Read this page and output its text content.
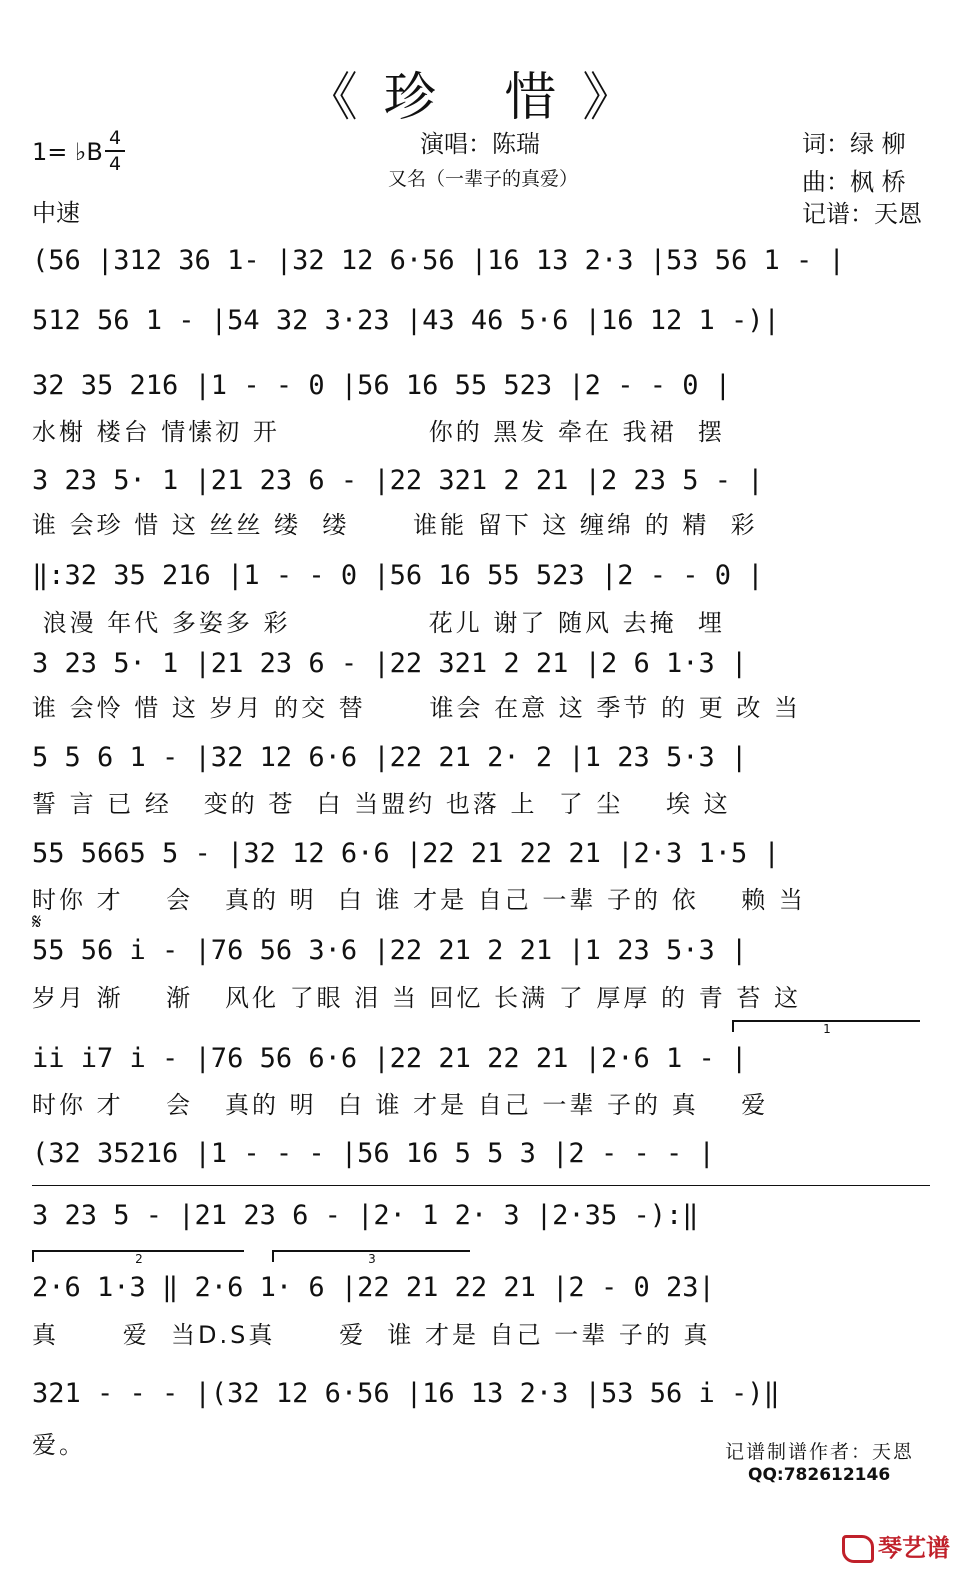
《珍 惜》
1= ♭B 4
4
中速
演唱：陈瑞
又名（一辈子的真爱）
词：绿 柳
曲：枫 桥
记谱：天恩
(56 |312 36 1- |32 12 6·56 |16 13 2·3 |53 56 1 - |
512 56 1 - |54 32 3·23 |43 46 5·6 |16 12 1 -)|
32 35 216 |1 - - 0 |56 16 55 523 |2 - - 0 |
水榭 楼台 情愫初 开              你的 黑发 牵在 我裙  摆
3 23 5· 1 |21 23 6 - |22 321 2 21 |2 23 5 - |
谁 会珍 惜 这 丝丝 缕  缕      谁能 留下 这 缠绵 的 精  彩
‖:32 35 216 |1 - - 0 |56 16 55 523 |2 - - 0 |
浪漫 年代 多姿多 彩             花儿 谢了 随风 去掩  埋
3 23 5· 1 |21 23 6 - |22 321 2 21 |2 6 1·3 |
谁 会怜 惜 这 岁月 的交 替      谁会 在意 这 季节 的 更 改 当
5 5 6 1 - |32 12 6·6 |22 21 2· 2 |1 23 5·3 |
誓 言 已 经   变的 苍  白 当盟约 也落 上  了 尘    埃 这
55 5665 5 - |32 12 6·6 |22 21 22 21 |2·3 1·5 |
时你 才    会   真的 明  白 谁 才是 自己 一辈 子的 依    赖 当
𝄋
55 56 i - |76 56 3·6 |22 21 2 21 |1 23 5·3 |
岁月 渐    渐   风化 了眼 泪 当 回忆 长满 了 厚厚 的 青 苔 这
1
ii i7 i - |76 56 6·6 |22 21 22 21 |2·6 1 - |
时你 才    会   真的 明  白 谁 才是 自己 一辈 子的 真    爱
(32 35216 |1 - - - |56 16 5 5 3 |2 - - - |
3 23 5 - |21 23 6 - |2· 1 2· 3 |2·35 -):‖
2	3
2·6 1·3 ‖ 2·6 1· 6 |22 21 22 21 |2 - 0 23|
真      爱  当D.S真      爱  谁 才是 自己 一辈 子的 真
321 - - - |(32 12 6·56 |16 13 2·3 |53 56 i -)‖
爱。	记谱制谱作者：天恩
QQ:782612146
琴艺谱
